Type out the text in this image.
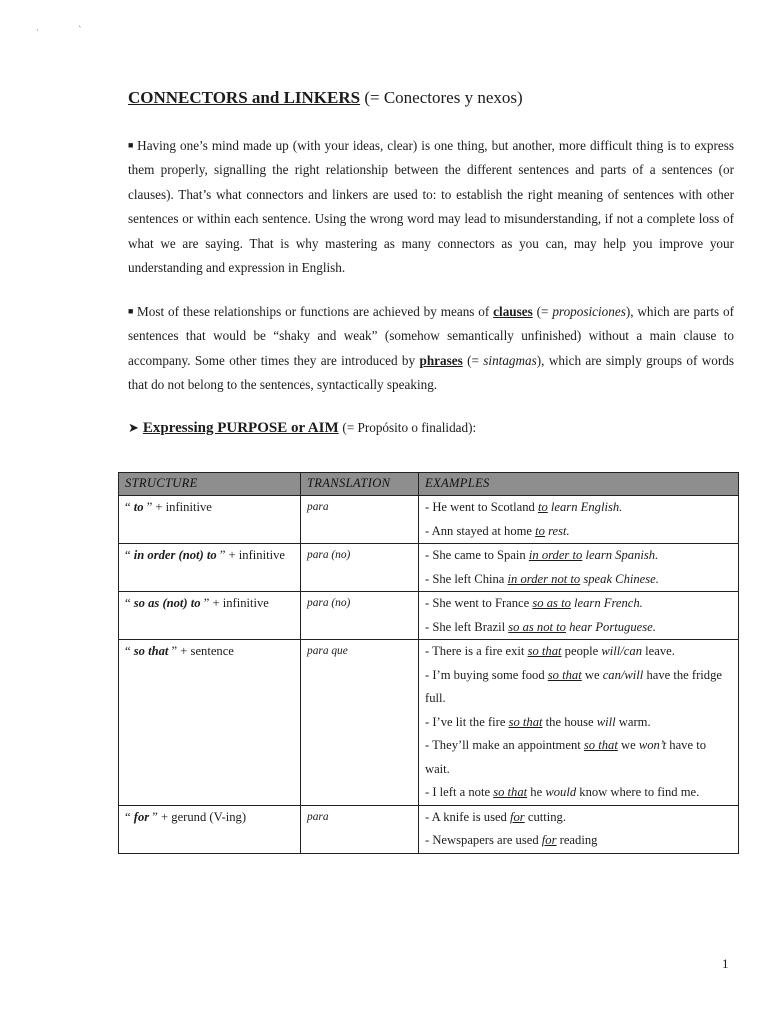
·	ˋ
CONNECTORS and LINKERS (= Conectores y nexos)
■ Having one’s mind made up (with your ideas, clear) is one thing, but another, more difficult thing is to express them properly, signalling the right relationship between the different sentences and parts of a sentences (or clauses). That’s what connectors and linkers are used to: to establish the right meaning of sentences with other sentences or within each sentence. Using the wrong word may lead to misunderstanding, if not a complete loss of what we are saying. That is why mastering as many connectors as you can, may help you improve your understanding and expression in English.
■ Most of these relationships or functions are achieved by means of clauses (= proposiciones), which are parts of sentences that would be “shaky and weak” (somehow semantically unfinished) without a main clause to accompany. Some other times they are introduced by phrases (= sintagmas), which are simply groups of words that do not belong to the sentences, syntactically speaking.
➤ Expressing PURPOSE or AIM (= Propósito o finalidad):
STRUCTURE	TRANSLATION	EXAMPLES
“ to ” + infinitive	para	- He went to Scotland to learn English.
- Ann stayed at home to rest.

“ in order (not) to ” + infinitive	para (no)	- She came to Spain in order to learn Spanish.
- She left China in order not to speak Chinese.

“ so as (not) to ” + infinitive	para (no)	- She went to France so as to learn French.
- She left Brazil so as not to hear Portuguese.

“ so that ” + sentence	para que	- There is a fire exit so that people will/can leave.
- I’m buying some food so that we can/will have the fridge full.
- I’ve lit the fire so that the house will warm.
- They’ll make an appointment so that we won’t have to wait.
- I left a note so that he would know where to find me.

“ for ” + gerund (V-ing)	para	- A knife is used for cutting.
- Newspapers are used for reading
1
